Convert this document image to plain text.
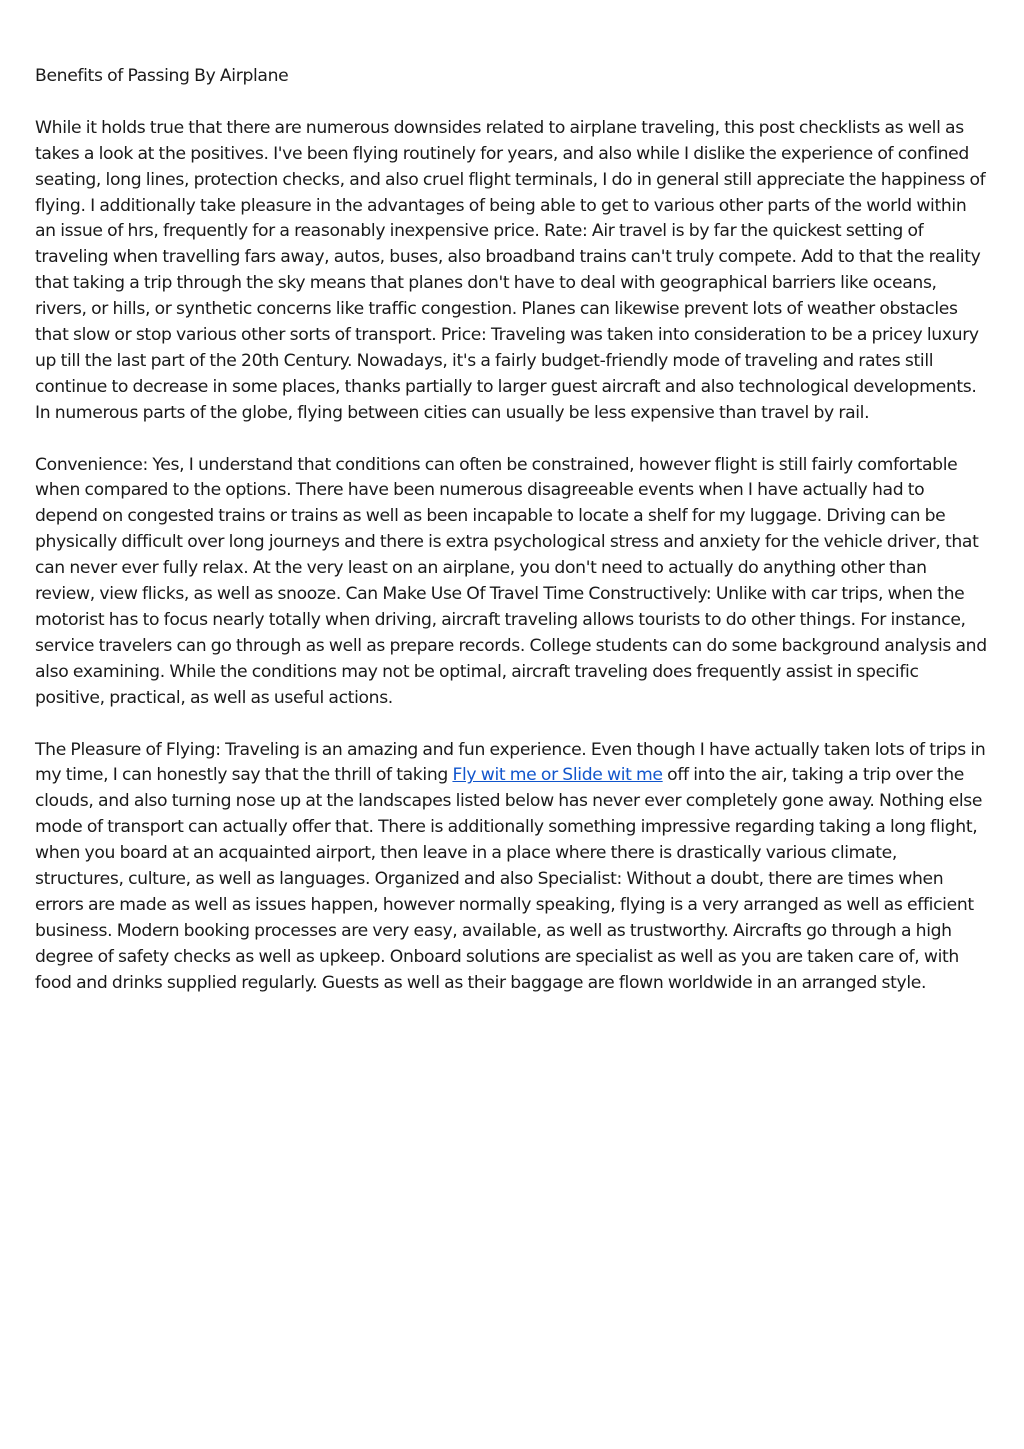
Benefits of Passing By Airplane

While it holds true that there are numerous downsides related to airplane traveling, this post checklists as well as takes a look at the positives. I've been flying routinely for years, and also while I dislike the experience of confined seating, long lines, protection checks, and also cruel flight terminals, I do in general still appreciate the happiness of flying. I additionally take pleasure in the advantages of being able to get to various other parts of the world within an issue of hrs, frequently for a reasonably inexpensive price. Rate: Air travel is by far the quickest setting of traveling when travelling fars away, autos, buses, also broadband trains can't truly compete. Add to that the reality that taking a trip through the sky means that planes don't have to deal with geographical barriers like oceans, rivers, or hills, or synthetic concerns like traffic congestion. Planes can likewise prevent lots of weather obstacles that slow or stop various other sorts of transport. Price: Traveling was taken into consideration to be a pricey luxury up till the last part of the 20th Century. Nowadays, it's a fairly budget-friendly mode of traveling and rates still continue to decrease in some places, thanks partially to larger guest aircraft and also technological developments. In numerous parts of the globe, flying between cities can usually be less expensive than travel by rail.

Convenience: Yes, I understand that conditions can often be constrained, however flight is still fairly comfortable when compared to the options. There have been numerous disagreeable events when I have actually had to depend on congested trains or trains as well as been incapable to locate a shelf for my luggage. Driving can be physically difficult over long journeys and there is extra psychological stress and anxiety for the vehicle driver, that can never ever fully relax. At the very least on an airplane, you don't need to actually do anything other than review, view flicks, as well as snooze. Can Make Use Of Travel Time Constructively: Unlike with car trips, when the motorist has to focus nearly totally when driving, aircraft traveling allows tourists to do other things. For instance, service travelers can go through as well as prepare records. College students can do some background analysis and also examining. While the conditions may not be optimal, aircraft traveling does frequently assist in specific positive, practical, as well as useful actions.

The Pleasure of Flying: Traveling is an amazing and fun experience. Even though I have actually taken lots of trips in my time, I can honestly say that the thrill of taking Fly wit me or Slide wit me off into the air, taking a trip over the clouds, and also turning nose up at the landscapes listed below has never ever completely gone away. Nothing else mode of transport can actually offer that. There is additionally something impressive regarding taking a long flight, when you board at an acquainted airport, then leave in a place where there is drastically various climate, structures, culture, as well as languages. Organized and also Specialist: Without a doubt, there are times when errors are made as well as issues happen, however normally speaking, flying is a very arranged as well as efficient business. Modern booking processes are very easy, available, as well as trustworthy. Aircrafts go through a high degree of safety checks as well as upkeep. Onboard solutions are specialist as well as you are taken care of, with food and drinks supplied regularly. Guests as well as their baggage are flown worldwide in an arranged style.
